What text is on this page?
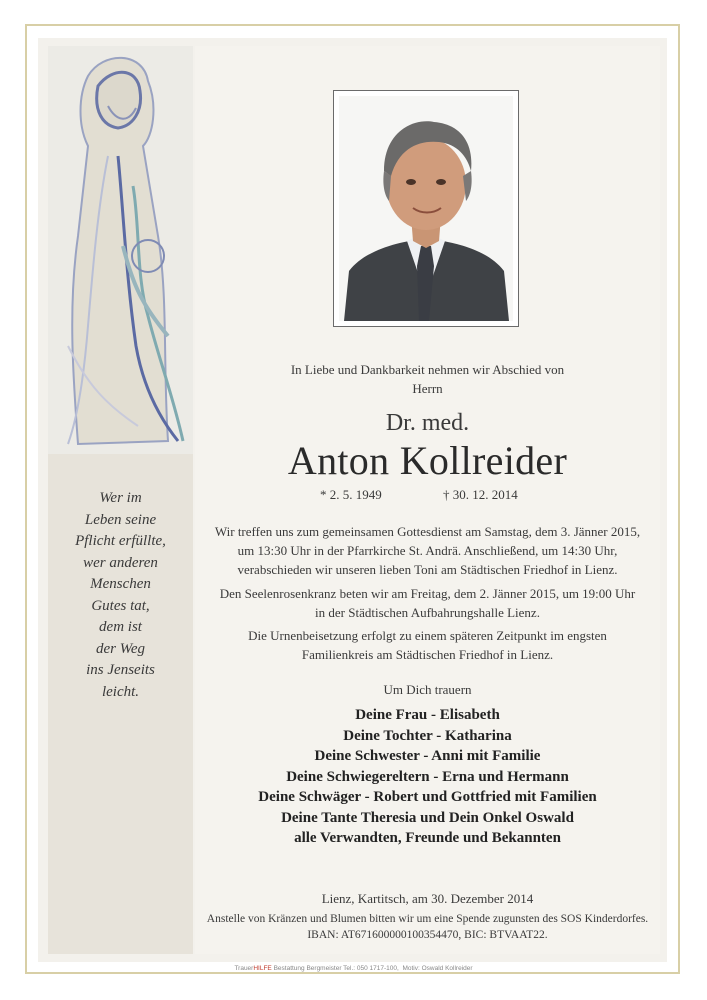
Wer im
Leben seine
Pflicht erfüllte,
wer anderen
Menschen
Gutes tat,
dem ist
der Weg
ins Jenseits
leicht.
In Liebe und Dankbarkeit nehmen wir Abschied von
Herrn
Dr. med.
Anton Kollreider
* 2. 5. 1949	† 30. 12. 2014
Wir treffen uns zum gemeinsamen Gottesdienst am Samstag, dem 3. Jänner 2015,
um 13:30 Uhr in der Pfarrkirche St. Andrä. Anschließend, um 14:30 Uhr,
verabschieden wir unseren lieben Toni am Städtischen Friedhof in Lienz.
Den Seelenrosenkranz beten wir am Freitag, dem 2. Jänner 2015, um 19:00 Uhr
in der Städtischen Aufbahrungshalle Lienz.
Die Urnenbeisetzung erfolgt zu einem späteren Zeitpunkt im engsten
Familienkreis am Städtischen Friedhof in Lienz.
Um Dich trauern
Deine Frau - Elisabeth
Deine Tochter - Katharina
Deine Schwester - Anni mit Familie
Deine Schwiegereltern - Erna und Hermann
Deine Schwäger - Robert und Gottfried mit Familien
Deine Tante Theresia und Dein Onkel Oswald
alle Verwandten, Freunde und Bekannten
Lienz, Kartitsch, am 30. Dezember 2014
Anstelle von Kränzen und Blumen bitten wir um eine Spende zugunsten des SOS Kinderdorfes.
IBAN: AT671600000100354470, BIC: BTVAAT22.
TrauerHILFE Bestattung Bergmeister Tel.: 050 1717-100, Motiv: Oswald Kollreider
